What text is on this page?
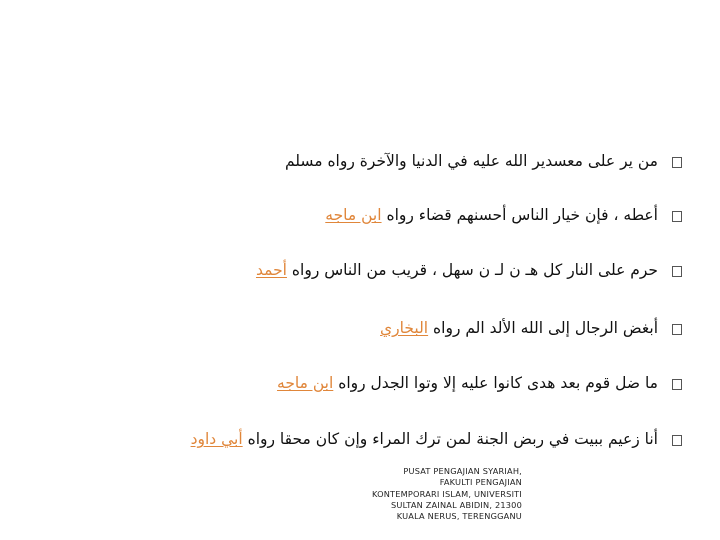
من ير على معسدير الله عليه في الدنيا والآخرة رواه مسلم
أعطه ، فإن خيار الناس أحسنهم قضاء رواه ابن ماجه
حرم على النار كل هـ ن لـ ن سهل ، قريب من الناس رواه أحمد
أبغض الرجال إلى الله الألد الم رواه البخاري
ما ضل قوم بعد هدى كانوا عليه إلا وتوا الجدل رواه ابن ماجه
أنا زعيم ببيت في ربض الجنة لمن ترك المراء وإن كان محقا رواه أبي داود
PUSAT PENGAJIAN SYARIAH,
FAKULTI PENGAJIAN
KONTEMPORARI ISLAM, UNIVERSITI
SULTAN ZAINAL ABIDIN, 21300
KUALA NERUS, TERENGGANU
